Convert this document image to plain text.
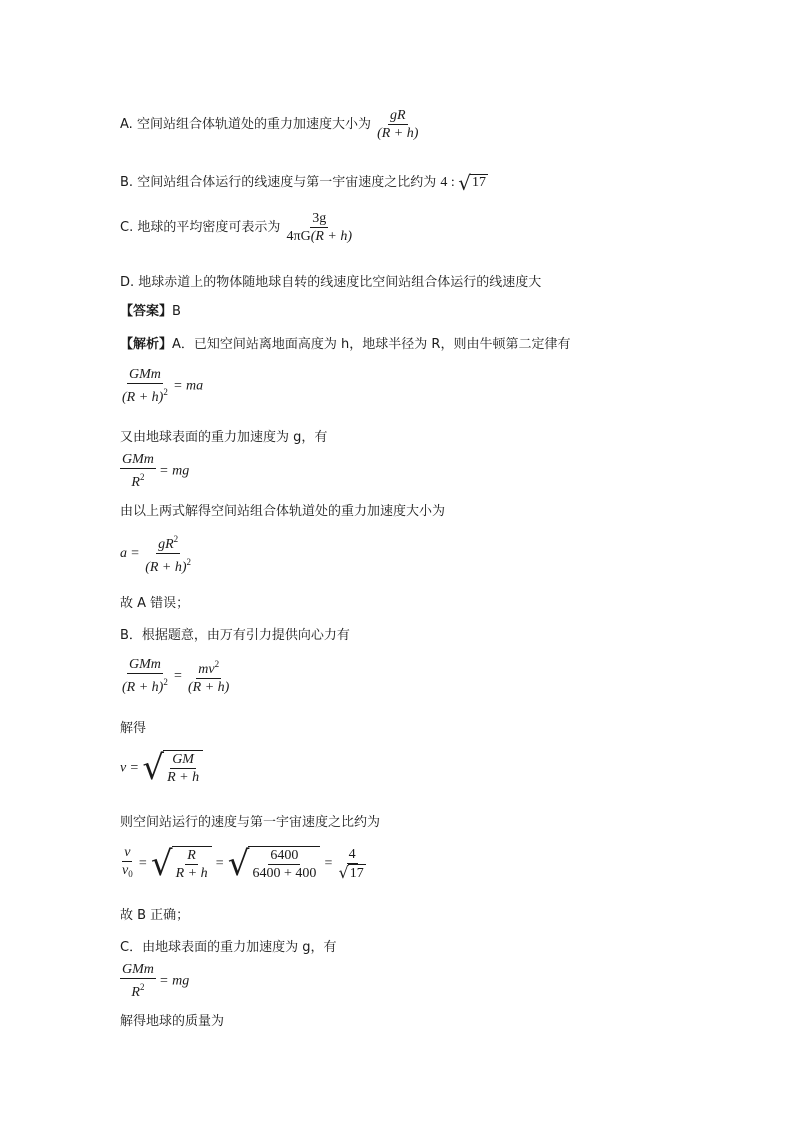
A. 空间站组合体轨道处的重力加速度大小为 $\frac{gR}{(R + h)}$
B. 空间站组合体运行的线速度与第一宇宙速度之比约为 4 : √ 17
C. 地球的平均密度可表示为 $\frac{3g}{4\pi G(R + h)}$
D. 地球赤道上的物体随地球自转的线速度比空间站组合体运行的线速度大
【答案】B
【解析】A．已知空间站离地面高度为 h，地球半径为 R，则由牛顿第二定律有
$\frac{\text{GMm}}{(R + h)^2}$ = ma
又由地球表面的重力加速度为 g，有
$\frac{\text{GMm}}{R^2}$ = mg
由以上两式解得空间站组合体轨道处的重力加速度大小为
$a = \frac{gR^2}{(R + h)^2}$
故 A 错误；
B．根据题意，由万有引力提供向心力有
$\frac{\text{GMm}}{(R + h)^2} = \frac{mv^2}{(R + h)}$
解得
v = √ $\frac{GM}{R + h}$
则空间站运行的速度与第一宇宙速度之比约为
$\frac{v}{v_0}$ = √ $\frac{R}{R + h}$ = √ $\frac{6400}{6400 + 400} = \frac{4}{√ 17}$
故 B 正确；
C．由地球表面的重力加速度为 g，有
$\frac{\text{GMm}}{R^2}$ = mg
解得地球的质量为
